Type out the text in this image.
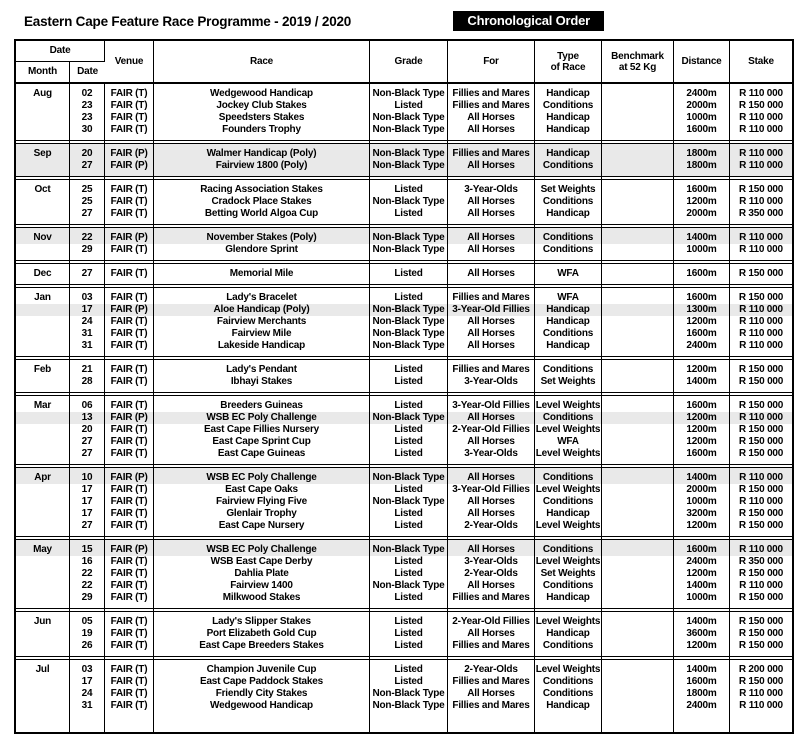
Eastern Cape Feature Race Programme - 2019 / 2020	Chronological Order
Date		Venue	Race	Grade	For	Type
of Race	Benchmark
at 52 Kg	Distance	Stake
Month	Date								
Aug	02	FAIR (T)	Wedgewood Handicap	Non-Black Type	Fillies and Mares	Handicap		2400m	R 110 000
	23	FAIR (T)	Jockey Club Stakes	Listed	Fillies and Mares	Conditions		2000m	R 150 000
	23	FAIR (T)	Speedsters Stakes	Non-Black Type	All Horses	Handicap		1000m	R 110 000
	30	FAIR (T)	Founders Trophy	Non-Black Type	All Horses	Handicap		1600m	R 110 000

Sep	20	FAIR (P)	Walmer Handicap (Poly)	Non-Black Type	Fillies and Mares	Handicap		1800m	R 110 000
	27	FAIR (P)	Fairview 1800 (Poly)	Non-Black Type	All Horses	Conditions		1800m	R 110 000

Oct	25	FAIR (T)	Racing Association Stakes	Listed	3-Year-Olds	Set Weights		1600m	R 150 000
	25	FAIR (T)	Cradock Place Stakes	Non-Black Type	All Horses	Conditions		1200m	R 110 000
	27	FAIR (T)	Betting World Algoa Cup	Listed	All Horses	Handicap		2000m	R 350 000

Nov	22	FAIR (P)	November Stakes (Poly)	Non-Black Type	All Horses	Conditions		1400m	R 110 000
	29	FAIR (T)	Glendore Sprint	Non-Black Type	All Horses	Conditions		1000m	R 110 000

Dec	27	FAIR (T)	Memorial Mile	Listed	All Horses	WFA		1600m	R 150 000

Jan	03	FAIR (T)	Lady's Bracelet	Listed	Fillies and Mares	WFA		1600m	R 150 000
	17	FAIR (P)	Aloe Handicap (Poly)	Non-Black Type	3-Year-Old Fillies	Handicap		1300m	R 110 000
	24	FAIR (T)	Fairview Merchants	Non-Black Type	All Horses	Handicap		1200m	R 110 000
	31	FAIR (T)	Fairview Mile	Non-Black Type	All Horses	Conditions		1600m	R 110 000
	31	FAIR (T)	Lakeside Handicap	Non-Black Type	All Horses	Handicap		2400m	R 110 000

Feb	21	FAIR (T)	Lady's Pendant	Listed	Fillies and Mares	Conditions		1200m	R 150 000
	28	FAIR (T)	Ibhayi Stakes	Listed	3-Year-Olds	Set Weights		1400m	R 150 000

Mar	06	FAIR (T)	Breeders Guineas	Listed	3-Year-Old Fillies	Level Weights		1600m	R 150 000
	13	FAIR (P)	WSB EC Poly Challenge	Non-Black Type	All Horses	Conditions		1200m	R 110 000
	20	FAIR (T)	East Cape Fillies Nursery	Listed	2-Year-Old Fillies	Level Weights		1200m	R 150 000
	27	FAIR (T)	East Cape Sprint Cup	Listed	All Horses	WFA		1200m	R 150 000
	27	FAIR (T)	East Cape Guineas	Listed	3-Year-Olds	Level Weights		1600m	R 150 000

Apr	10	FAIR (P)	WSB EC Poly Challenge	Non-Black Type	All Horses	Conditions		1400m	R 110 000
	17	FAIR (T)	East Cape Oaks	Listed	3-Year-Old Fillies	Level Weights		2000m	R 150 000
	17	FAIR (T)	Fairview Flying Five	Non-Black Type	All Horses	Conditions		1000m	R 110 000
	17	FAIR (T)	Glenlair Trophy	Listed	All Horses	Handicap		3200m	R 150 000
	27	FAIR (T)	East Cape Nursery	Listed	2-Year-Olds	Level Weights		1200m	R 150 000

May	15	FAIR (P)	WSB EC Poly Challenge	Non-Black Type	All Horses	Conditions		1600m	R 110 000
	16	FAIR (T)	WSB East Cape Derby	Listed	3-Year-Olds	Level Weights		2400m	R 350 000
	22	FAIR (T)	Dahlia Plate	Listed	2-Year-Olds	Set Weights		1200m	R 150 000
	22	FAIR (T)	Fairview 1400	Non-Black Type	All Horses	Conditions		1400m	R 110 000
	29	FAIR (T)	Milkwood Stakes	Listed	Fillies and Mares	Handicap		1000m	R 150 000

Jun	05	FAIR (T)	Lady's Slipper Stakes	Listed	2-Year-Old Fillies	Level Weights		1400m	R 150 000
	19	FAIR (T)	Port Elizabeth Gold Cup	Listed	All Horses	Handicap		3600m	R 150 000
	26	FAIR (T)	East Cape Breeders Stakes	Listed	Fillies and Mares	Conditions		1200m	R 150 000

Jul	03	FAIR (T)	Champion Juvenile Cup	Listed	2-Year-Olds	Level Weights		1400m	R 200 000
	17	FAIR (T)	East Cape Paddock Stakes	Listed	Fillies and Mares	Conditions		1600m	R 150 000
	24	FAIR (T)	Friendly City Stakes	Non-Black Type	All Horses	Conditions		1800m	R 110 000
	31	FAIR (T)	Wedgewood Handicap	Non-Black Type	Fillies and Mares	Handicap		2400m	R 110 000
